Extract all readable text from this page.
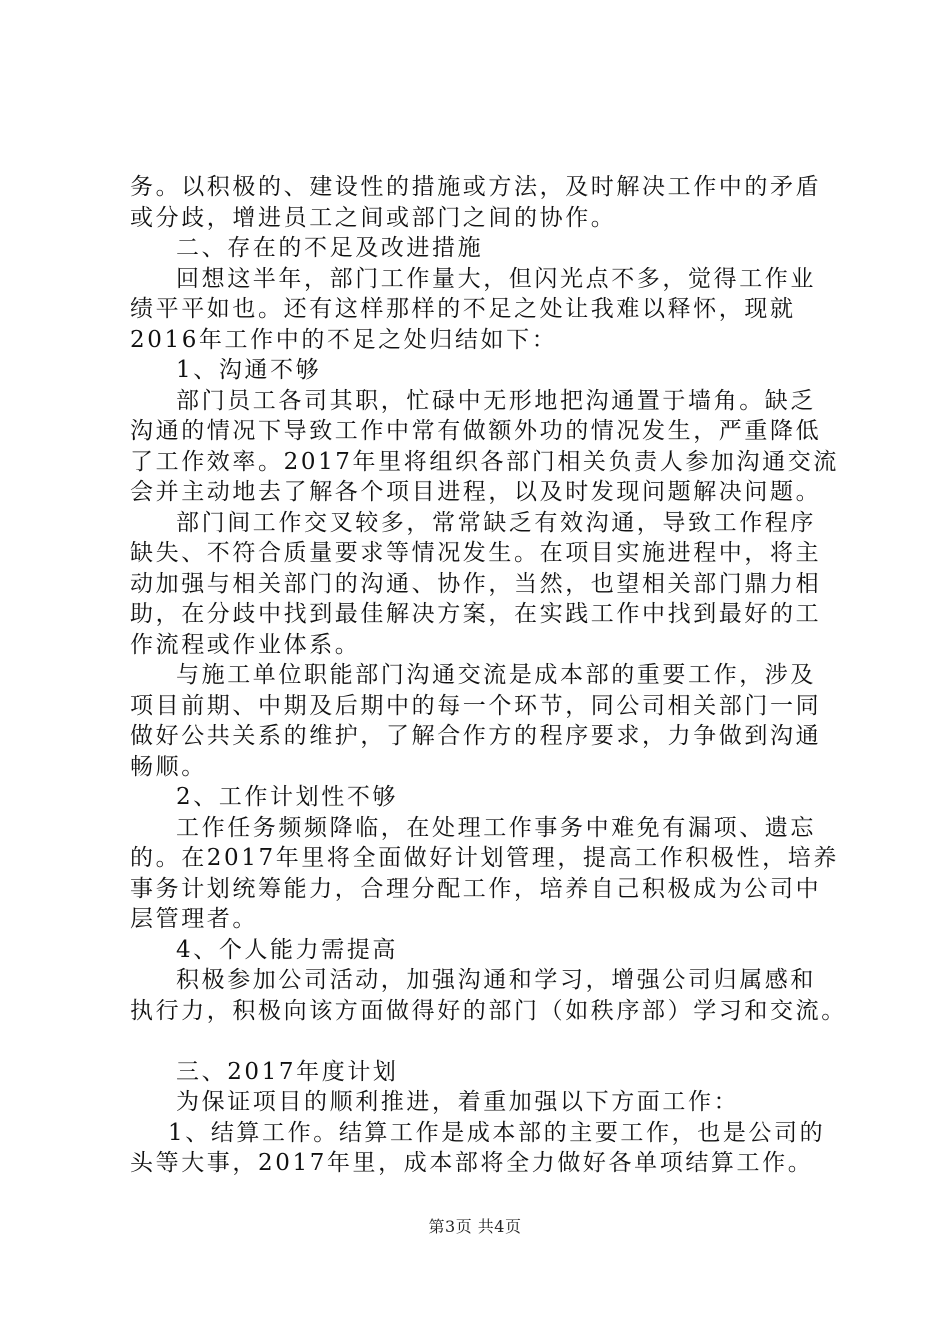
务。以积极的、建设性的措施或方法，及时解决工作中的矛盾
或分歧，增进员工之间或部门之间的协作。
二、存在的不足及改进措施
回想这半年，部门工作量大，但闪光点不多，觉得工作业
绩平平如也。还有这样那样的不足之处让我难以释怀，现就
2016年工作中的不足之处归结如下：
1、沟通不够
部门员工各司其职，忙碌中无形地把沟通置于墙角。缺乏
沟通的情况下导致工作中常有做额外功的情况发生，严重降低
了工作效率。2017年里将组织各部门相关负责人参加沟通交流
会并主动地去了解各个项目进程，以及时发现问题解决问题。
部门间工作交叉较多，常常缺乏有效沟通，导致工作程序
缺失、不符合质量要求等情况发生。在项目实施进程中，将主
动加强与相关部门的沟通、协作，当然，也望相关部门鼎力相
助，在分歧中找到最佳解决方案，在实践工作中找到最好的工
作流程或作业体系。
与施工单位职能部门沟通交流是成本部的重要工作，涉及
项目前期、中期及后期中的每一个环节，同公司相关部门一同
做好公共关系的维护，了解合作方的程序要求，力争做到沟通
畅顺。
2、工作计划性不够
工作任务频频降临，在处理工作事务中难免有漏项、遗忘
的。在2017年里将全面做好计划管理，提高工作积极性，培养
事务计划统筹能力，合理分配工作，培养自己积极成为公司中
层管理者。
4、个人能力需提高
积极参加公司活动，加强沟通和学习，增强公司归属感和
执行力，积极向该方面做得好的部门（如秩序部）学习和交流。
三、2017年度计划
为保证项目的顺利推进，着重加强以下方面工作：
1、结算工作。结算工作是成本部的主要工作，也是公司的
头等大事，2017年里，成本部将全力做好各单项结算工作。
第3页 共4页
